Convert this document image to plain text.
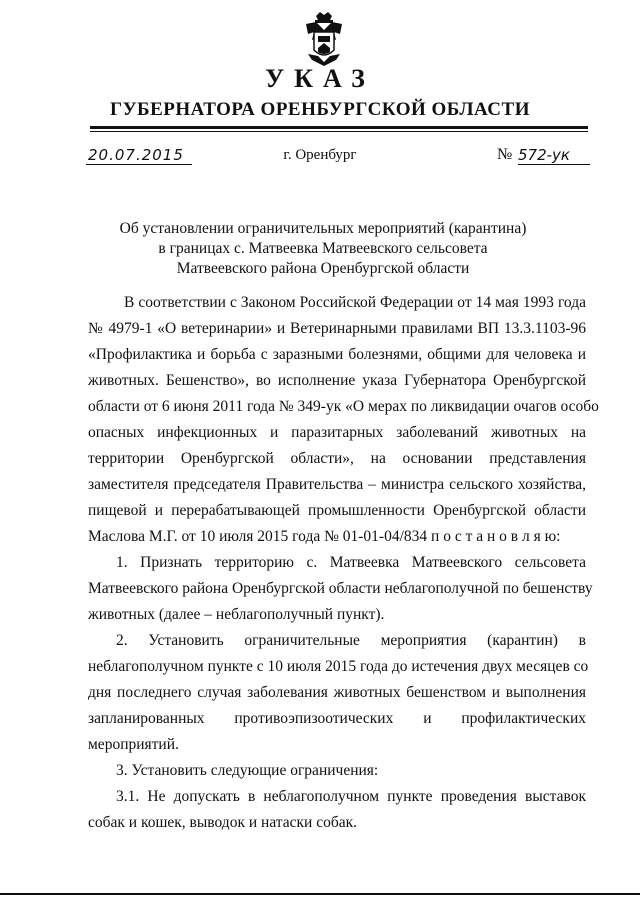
УКАЗ
ГУБЕРНАТОРА ОРЕНБУРГСКОЙ ОБЛАСТИ
20.07.2015	г. Оренбург	№ 572-ук
Об установлении ограничительных мероприятий (карантина)
в границах с. Матвеевка Матвеевского сельсовета
Матвеевского района Оренбургской области
В соответствии с Законом Российской Федерации от 14 мая 1993 года
№ 4979-1 «О ветеринарии» и Ветеринарными правилами ВП 13.3.1103-96
«Профилактика и борьба с заразными болезнями, общими для человека и
животных. Бешенство», во исполнение указа Губернатора Оренбургской
области от 6 июня 2011 года № 349-ук «О мерах по ликвидации очагов особо
опасных инфекционных и паразитарных заболеваний животных на
территории Оренбургской области», на основании представления
заместителя председателя Правительства – министра сельского хозяйства,
пищевой и перерабатывающей промышленности Оренбургской области
Маслова М.Г. от 10 июля 2015 года № 01-01-04/834 п о с т а н о в л я ю:
1. Признать территорию с. Матвеевка Матвеевского сельсовета
Матвеевского района Оренбургской области неблагополучной по бешенству
животных (далее – неблагополучный пункт).
2. Установить ограничительные мероприятия (карантин) в
неблагополучном пункте с 10 июля 2015 года до истечения двух месяцев со
дня последнего случая заболевания животных бешенством и выполнения
запланированных противоэпизоотических и профилактических
мероприятий.
3. Установить следующие ограничения:
3.1. Не допускать в неблагополучном пункте проведения выставок
собак и кошек, выводок и натаски собак.
